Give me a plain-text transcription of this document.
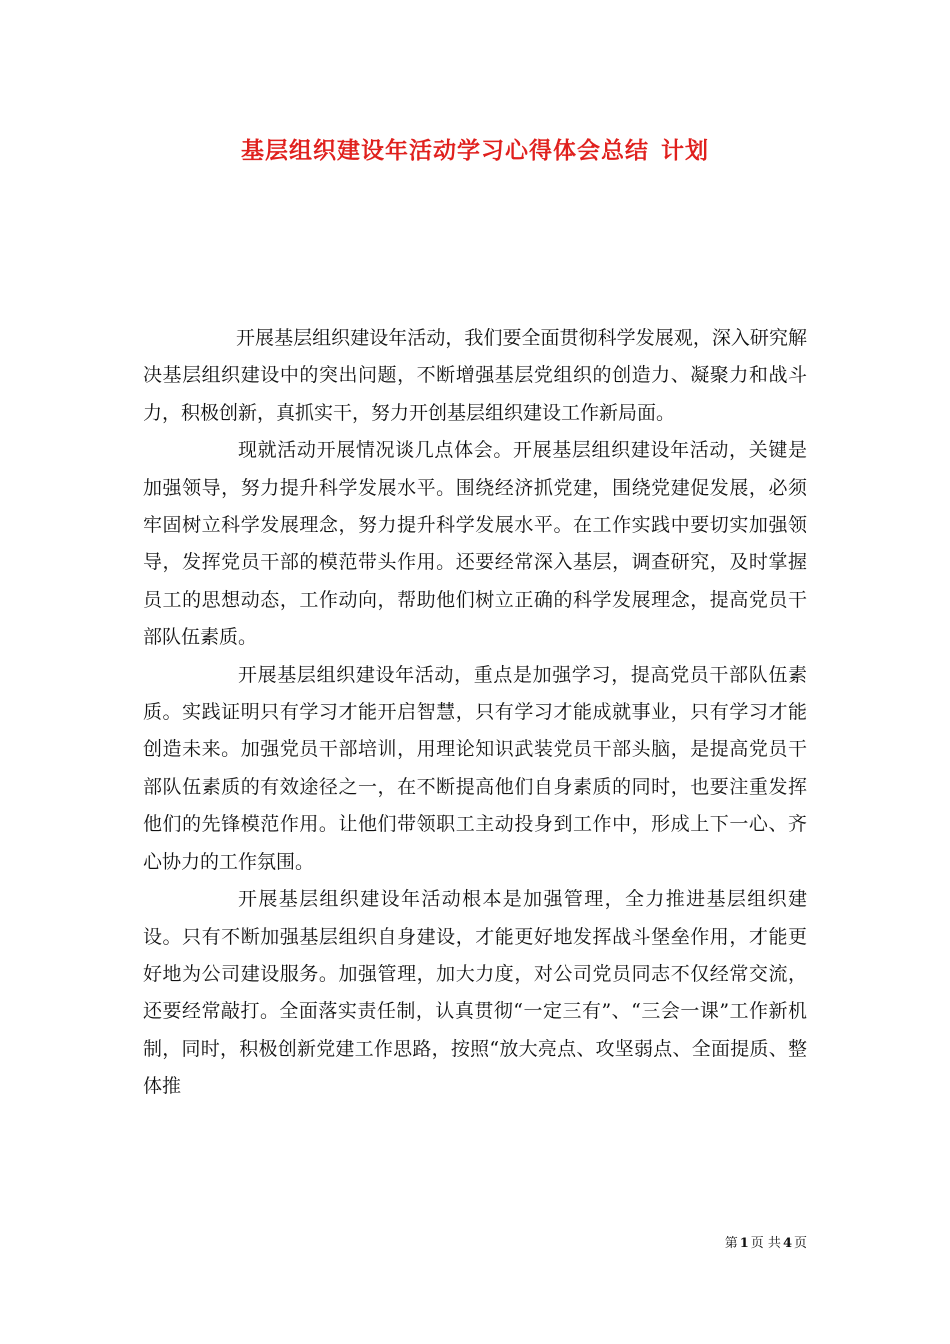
基层组织建设年活动学习心得体会总结 计划

开展基层组织建设年活动，我们要全面贯彻科学发展观，深入研究解决基层组织建设中的突出问题，不断增强基层党组织的创造力、凝聚力和战斗力，积极创新，真抓实干，努力开创基层组织建设工作新局面。

现就活动开展情况谈几点体会。开展基层组织建设年活动，关键是加强领导，努力提升科学发展水平。围绕经济抓党建，围绕党建促发展，必须牢固树立科学发展理念，努力提升科学发展水平。在工作实践中要切实加强领导，发挥党员干部的模范带头作用。还要经常深入基层，调查研究，及时掌握员工的思想动态，工作动向，帮助他们树立正确的科学发展理念，提高党员干部队伍素质。

开展基层组织建设年活动，重点是加强学习，提高党员干部队伍素质。实践证明只有学习才能开启智慧，只有学习才能成就事业，只有学习才能创造未来。加强党员干部培训，用理论知识武装党员干部头脑，是提高党员干部队伍素质的有效途径之一，在不断提高他们自身素质的同时，也要注重发挥他们的先锋模范作用。让他们带领职工主动投身到工作中，形成上下一心、齐心协力的工作氛围。

开展基层组织建设年活动根本是加强管理，全力推进基层组织建设。只有不断加强基层组织自身建设，才能更好地发挥战斗堡垒作用，才能更好地为公司建设服务。加强管理，加大力度，对公司党员同志不仅经常交流，还要经常敲打。全面落实责任制，认真贯彻“一定三有”、“三会一课”工作新机制，同时，积极创新党建工作思路，按照“放大亮点、攻坚弱点、全面提质、整体推

第 1 页 共 4 页
